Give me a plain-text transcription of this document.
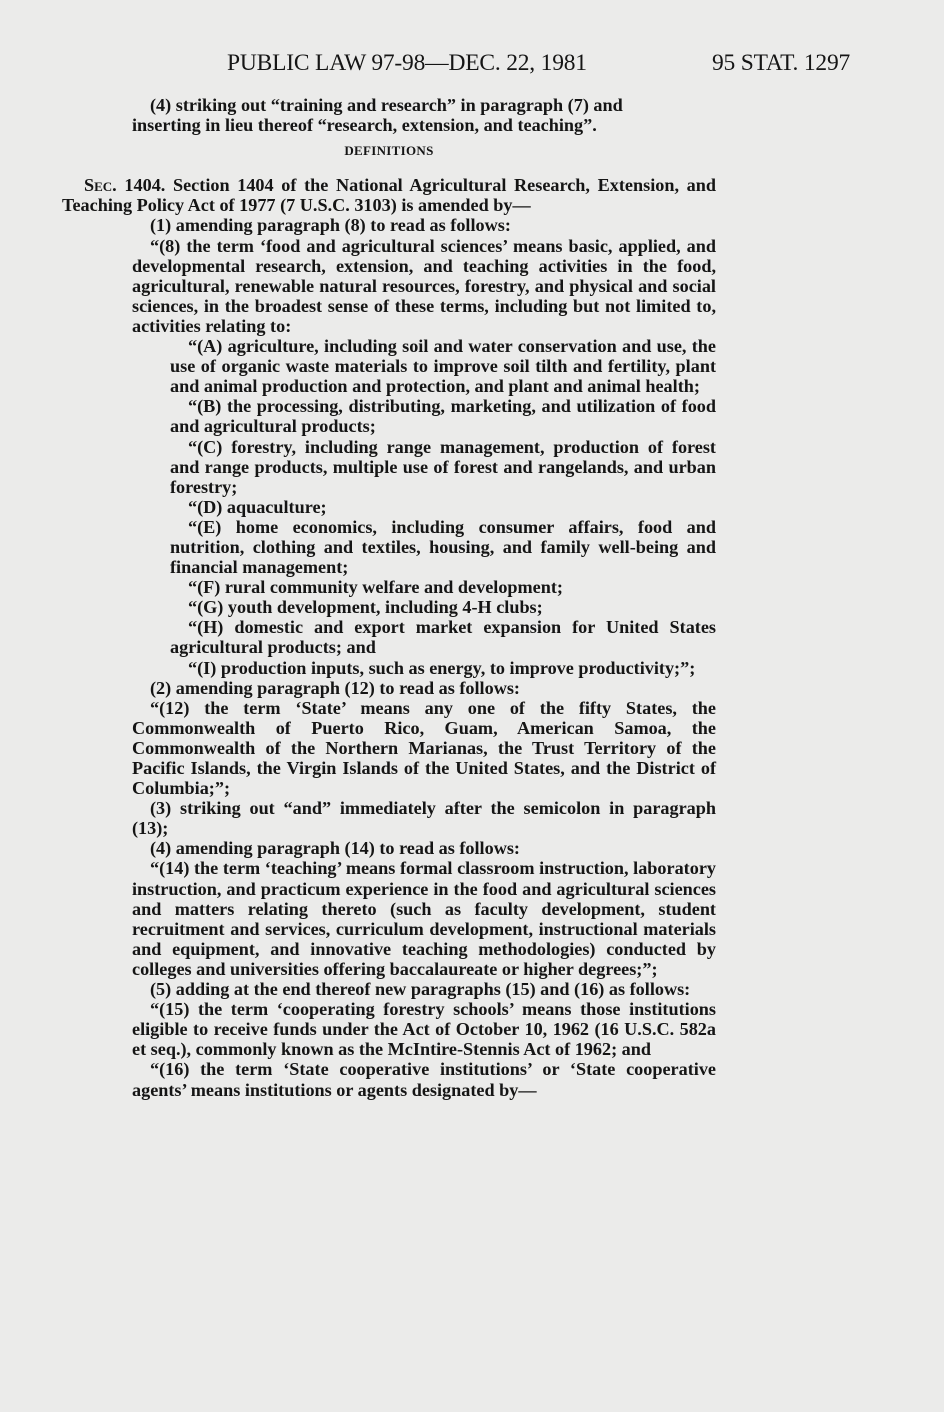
PUBLIC LAW 97-98—DEC. 22, 1981	95 STAT. 1297

(4) striking out “training and research” in paragraph (7) and

inserting in lieu thereof “research, extension, and teaching”.

DEFINITIONS

Sec. 1404. Section 1404 of the National Agricultural Research, Extension, and Teaching Policy Act of 1977 (7 U.S.C. 3103) is amended by—

(1) amending paragraph (8) to read as follows:

“(8) the term ‘food and agricultural sciences’ means basic, applied, and developmental research, extension, and teaching activities in the food, agricultural, renewable natural resources, forestry, and physical and social sciences, in the broadest sense of these terms, including but not limited to, activities relating to:

“(A) agriculture, including soil and water conservation and use, the use of organic waste materials to improve soil tilth and fertility, plant and animal production and protection, and plant and animal health;

“(B) the processing, distributing, marketing, and utilization of food and agricultural products;

“(C) forestry, including range management, production of forest and range products, multiple use of forest and rangelands, and urban forestry;

“(D) aquaculture;

“(E) home economics, including consumer affairs, food and nutrition, clothing and textiles, housing, and family well-being and financial management;

“(F) rural community welfare and development;

“(G) youth development, including 4-H clubs;

“(H) domestic and export market expansion for United States agricultural products; and

“(I) production inputs, such as energy, to improve productivity;”;

(2) amending paragraph (12) to read as follows:

“(12) the term ‘State’ means any one of the fifty States, the Commonwealth of Puerto Rico, Guam, American Samoa, the Commonwealth of the Northern Marianas, the Trust Territory of the Pacific Islands, the Virgin Islands of the United States, and the District of Columbia;”;

(3) striking out “and” immediately after the semicolon in paragraph (13);

(4) amending paragraph (14) to read as follows:

“(14) the term ‘teaching’ means formal classroom instruction, laboratory instruction, and practicum experience in the food and agricultural sciences and matters relating thereto (such as faculty development, student recruitment and services, curriculum development, instructional materials and equipment, and innovative teaching methodologies) conducted by colleges and universities offering baccalaureate or higher degrees;”;

(5) adding at the end thereof new paragraphs (15) and (16) as follows:

“(15) the term ‘cooperating forestry schools’ means those institutions eligible to receive funds under the Act of October 10, 1962 (16 U.S.C. 582a et seq.), commonly known as the McIntire-Stennis Act of 1962; and

“(16) the term ‘State cooperative institutions’ or ‘State cooperative agents’ means institutions or agents designated by—
